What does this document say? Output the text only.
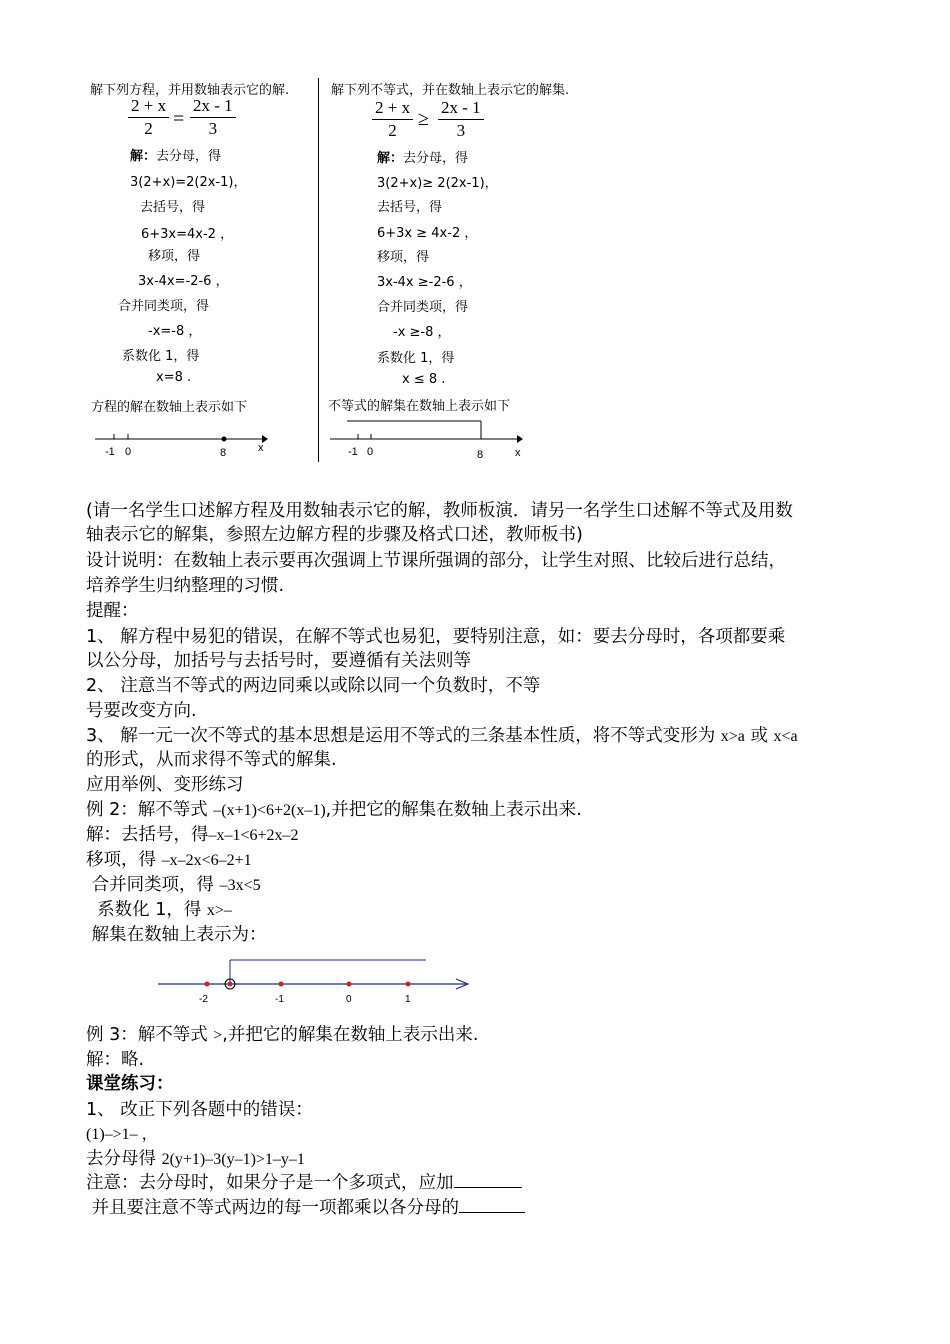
解下列方程，并用数轴表示它的解.
$\frac{2 + x}{2} = \frac{2x - 1}{3}$
解：去分母，得
3(2+x)=2(2x-1)，
去括号，得
6+3x=4x-2 ，
移项，得
3x-4x=-2-6 ，
合并同类项，得
-x=-8 ，
系数化 1，得
x=8 .
方程的解在数轴上表示如下
-1 0	8	x
解下列不等式，并在数轴上表示它的解集.
$\frac{2 + x}{2} \ge \frac{2x - 1}{3}$
解：去分母，得
3(2+x)≥ 2(2x-1)，
去括号，得
6+3x ≥ 4x-2 ，
移项，得
3x-4x ≥-2-6 ，
合并同类项，得
-x ≥-8 ，
系数化 1，得
x ≤ 8 .
不等式的解集在数轴上表示如下
-1 0	8	x
(请一名学生口述解方程及用数轴表示它的解，教师板演．请另一名学生口述解不等式及用数
轴表示它的解集，参照左边解方程的步骤及格式口述，教师板书)
设计说明：在数轴上表示要再次强调上节课所强调的部分，让学生对照、比较后进行总结，
培养学生归纳整理的习惯.
提醒：
1、 解方程中易犯的错误，在解不等式也易犯，要特别注意，如：要去分母时，各项都要乘
以公分母，加括号与去括号时，要遵循有关法则等
2、 注意当不等式的两边同乘以或除以同一个负数时，不等
号要改变方向.
3、 解一元一次不等式的基本思想是运用不等式的三条基本性质，将不等式变形为 x>a 或 x<a
的形式，从而求得不等式的解集.
应用举例、变形练习
例 2：解不等式 –(x+1)<6+2(x–1),并把它的解集在数轴上表示出来.
解：去括号，得–x–1<6+2x–2
移项，得 –x–2x<6–2+1
合并同类项，得 –3x<5
系数化 1，得 x>–
解集在数轴上表示为：
-2	-1	0	1
例 3：解不等式 >,并把它的解集在数轴上表示出来.
解：略.
课堂练习：
1、 改正下列各题中的错误：
(1)–>1– ，
去分母得 2(y+1)–3(y–1)>1–y–1
注意：去分母时，如果分子是一个多项式，应加
并且要注意不等式两边的每一项都乘以各分母的
